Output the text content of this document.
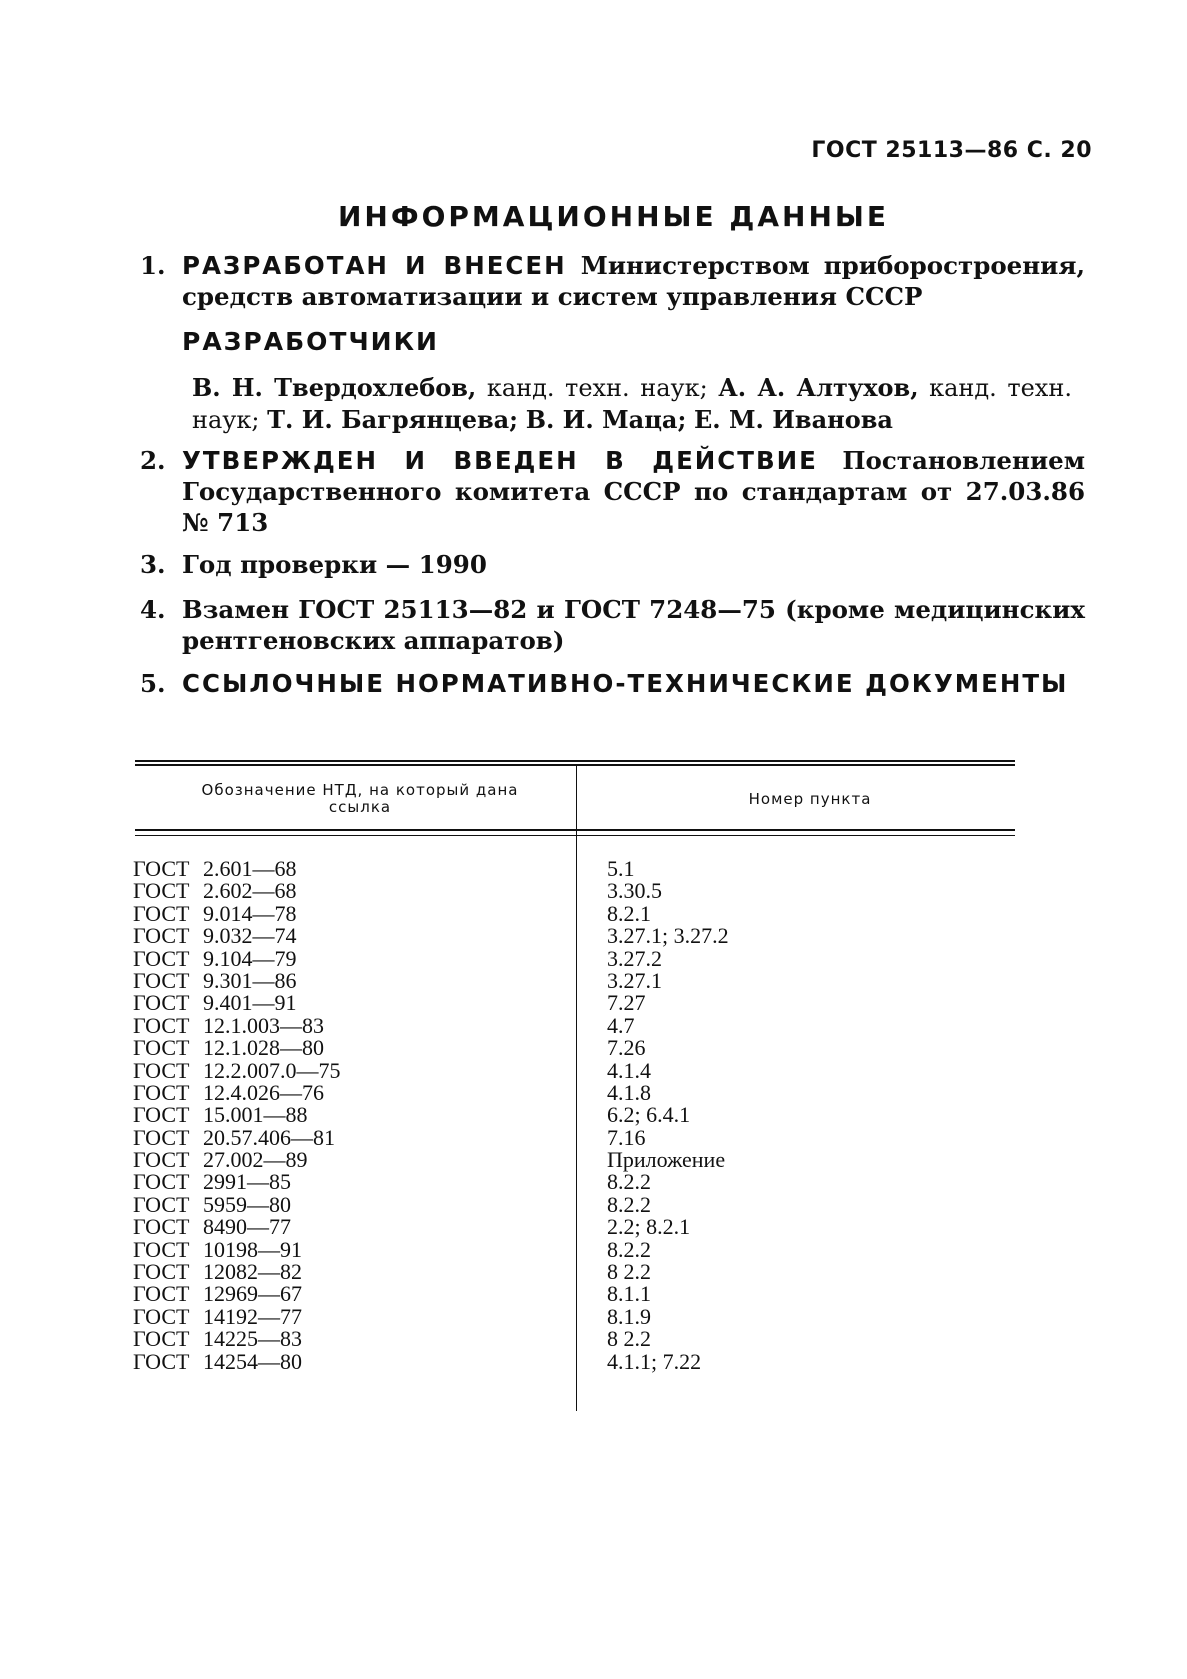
ГОСТ 25113—86 С. 20
ИНФОРМАЦИОННЫЕ ДАННЫЕ
1. РАЗРАБОТАН И ВНЕСЕН Министерством приборостроения, средств автоматизации и систем управления СССР
РАЗРАБОТЧИКИ
В. Н. Твердохлебов, канд. техн. наук; А. А. Алтухов, канд. техн. наук; Т. И. Багрянцева; В. И. Маца; Е. М. Иванова
2. УТВЕРЖДЕН И ВВЕДЕН В ДЕЙСТВИЕ Постановлением Государственного комитета СССР по стандартам от 27.03.86 № 713
3. Год проверки — 1990
4. Взамен ГОСТ 25113—82 и ГОСТ 7248—75 (кроме медицинских рентгеновских аппаратов)
5. ССЫЛОЧНЫЕ НОРМАТИВНО-ТЕХНИЧЕСКИЕ ДОКУМЕНТЫ
Обозначение НТД, на который дана ссылка	Номер пункта
ГОСТ 2.601—68
ГОСТ 2.602—68
ГОСТ 9.014—78
ГОСТ 9.032—74
ГОСТ 9.104—79
ГОСТ 9.301—86
ГОСТ 9.401—91
ГОСТ 12.1.003—83
ГОСТ 12.1.028—80
ГОСТ 12.2.007.0—75
ГОСТ 12.4.026—76
ГОСТ 15.001—88
ГОСТ 20.57.406—81
ГОСТ 27.002—89
ГОСТ 2991—85
ГОСТ 5959—80
ГОСТ 8490—77
ГОСТ 10198—91
ГОСТ 12082—82
ГОСТ 12969—67
ГОСТ 14192—77
ГОСТ 14225—83
ГОСТ 14254—80
5.1
3.30.5
8.2.1
3.27.1; 3.27.2
3.27.2
3.27.1
7.27
4.7
7.26
4.1.4
4.1.8
6.2; 6.4.1
7.16
Приложение
8.2.2
8.2.2
2.2; 8.2.1
8.2.2
8 2.2
8.1.1
8.1.9
8 2.2
4.1.1; 7.22
